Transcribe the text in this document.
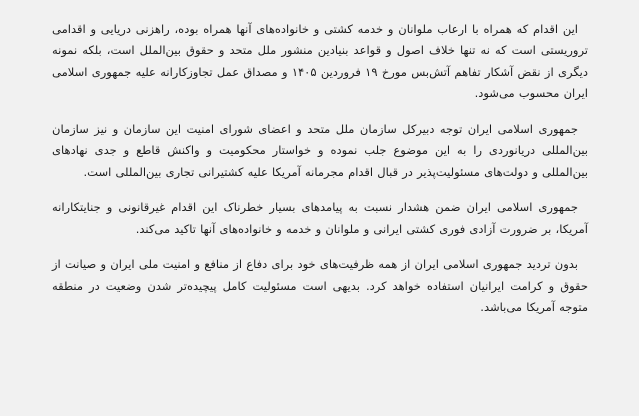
این اقدام که همراه با ارعاب ملوانان و خدمه کشتی و خانواده‌های آنها همراه بوده، راهزنی دریایی و اقدامی تروریستی است که نه تنها خلاف اصول و قواعد بنیادین منشور ملل متحد و حقوق بین‌الملل است، بلکه نمونه دیگری از نقض آشکار تفاهم آتش‌بس مورخ ۱۹ فروردین ۱۴۰۵ و مصداق عمل تجاوزکارانه علیه جمهوری اسلامی ایران محسوب می‌شود.

جمهوری اسلامی ایران توجه دبیرکل سازمان ملل متحد و اعضای شورای امنیت این سازمان و نیز سازمان بین‌المللی دریانوردی را به این موضوع جلب نموده و خواستار محکومیت و واکنش قاطع و جدی نهادهای بین‌المللی و دولت‌های مسئولیت‌پذیر در قبال اقدام مجرمانه آمریکا علیه کشتیرانی تجاری بین‌المللی است.

جمهوری اسلامی ایران ضمن هشدار نسبت به پیامدهای بسیار خطرناک این اقدام غیرقانونی و جنایتکارانه آمریکا، بر ضرورت آزادی فوری کشتی ایرانی و ملوانان و خدمه و خانواده‌های آنها تاکید می‌کند.

بدون تردید جمهوری اسلامی ایران از همه ظرفیت‌های خود برای دفاع از منافع و امنیت ملی ایران و صیانت از حقوق و کرامت ایرانیان استفاده خواهد کرد. بدیهی است مسئولیت کامل پیچیده‌تر شدن وضعیت در منطقه متوجه آمریکا می‌باشد.
